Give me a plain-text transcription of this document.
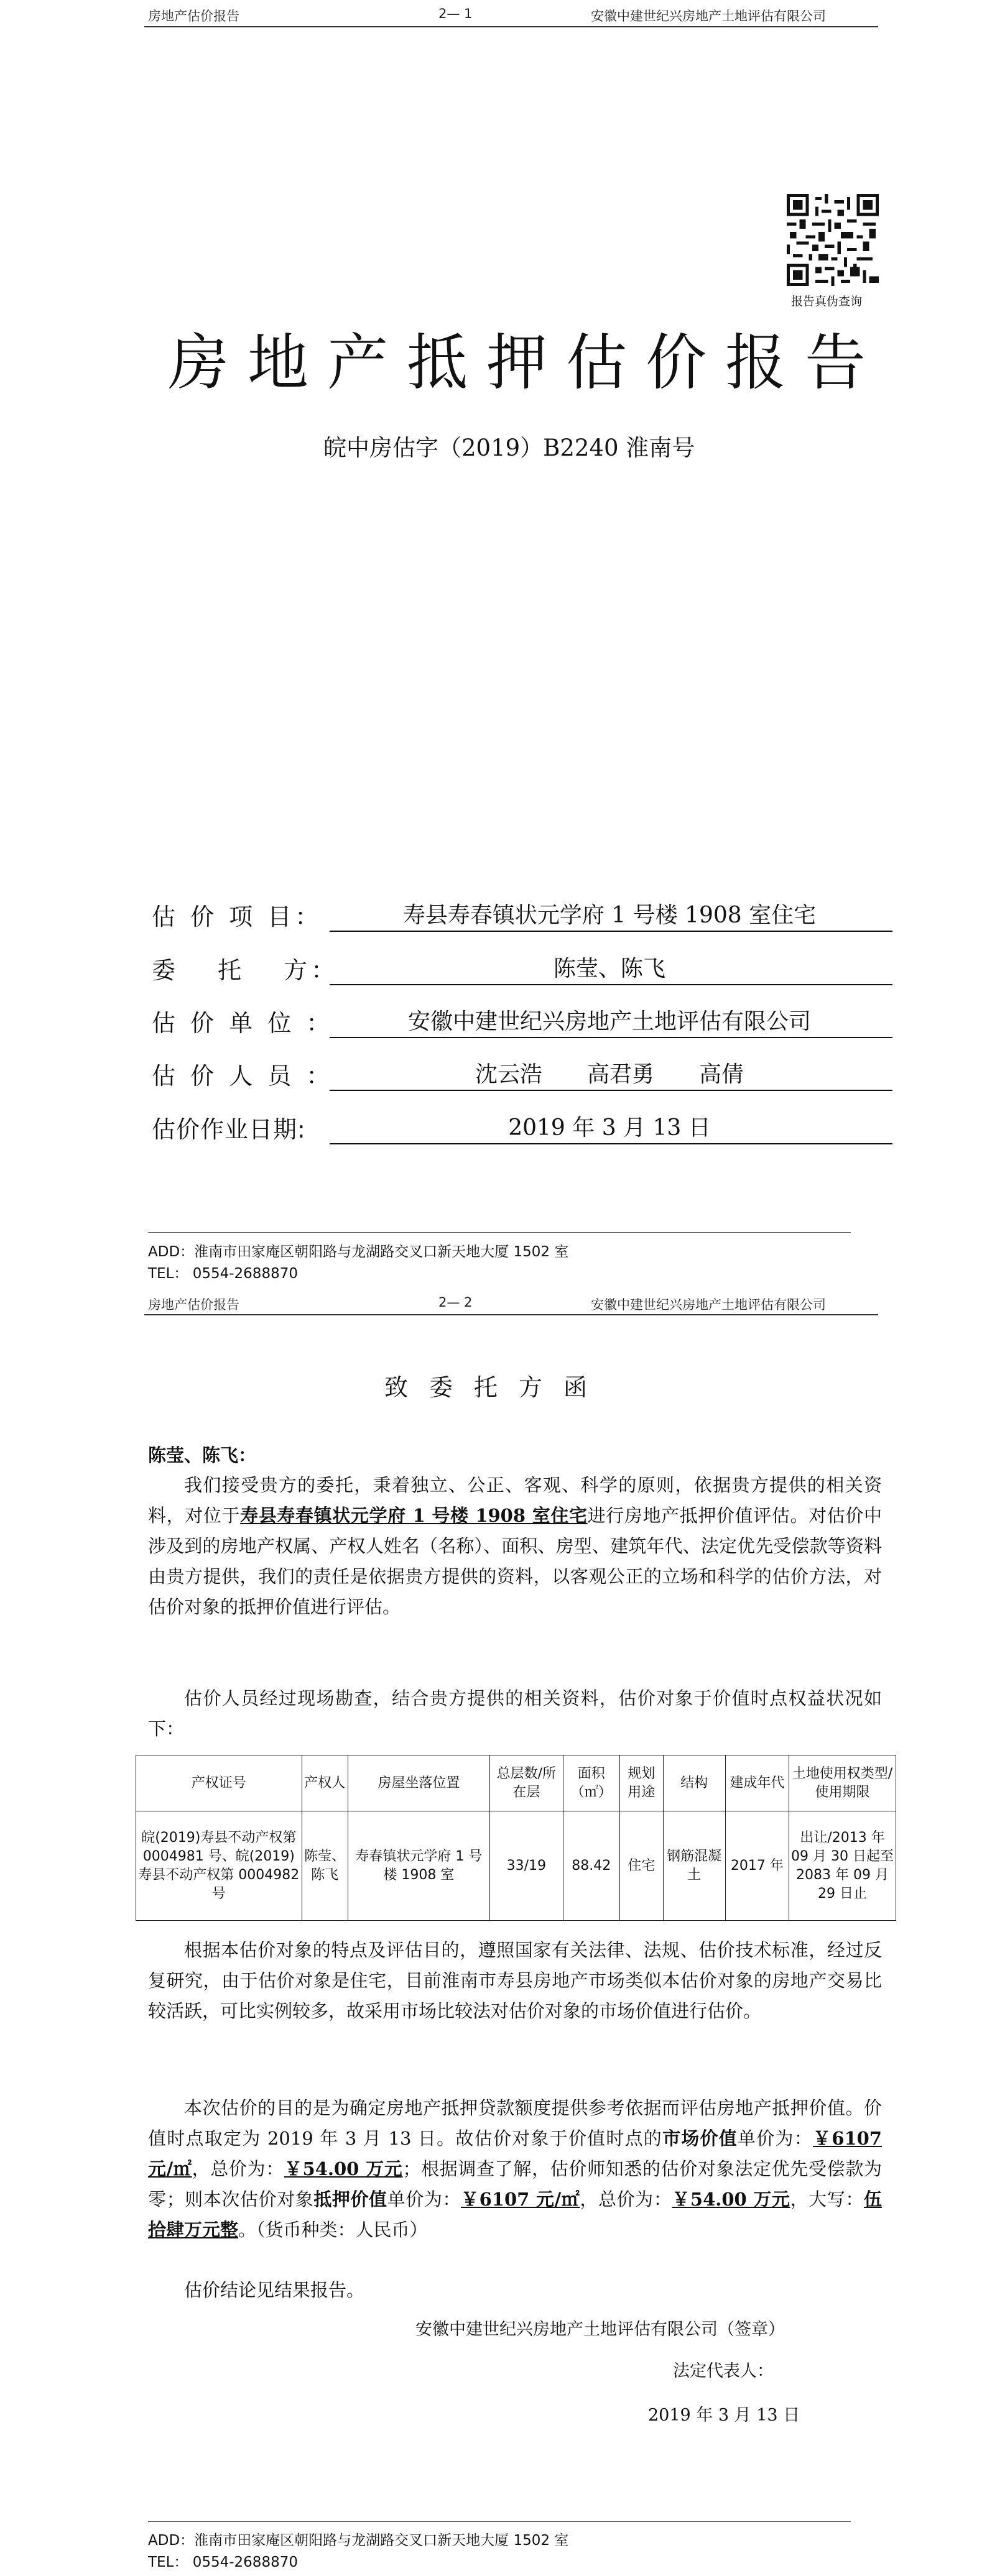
房地产估价报告	2— 1	安徽中建世纪兴房地产土地评估有限公司
报告真伪查询
房地产抵押估价报告
皖中房估字（2019）B2240 淮南号
估 价 项 目：	寿县寿春镇状元学府 1 号楼 1908 室住宅
委　 托　 方：	陈莹、陈飞
估 价 单 位 ：	安徽中建世纪兴房地产土地评估有限公司
估 价 人 员 ：	沈云浩　　高君勇　　高倩
估价作业日期:	2019 年 3 月 13 日
ADD：淮南市田家庵区朝阳路与龙湖路交叉口新天地大厦 1502 室
TEL： 0554-2688870
房地产估价报告	2— 2	安徽中建世纪兴房地产土地评估有限公司
致委托方函
陈莹、陈飞：
我们接受贵方的委托，秉着独立、公正、客观、科学的原则，依据贵方提供的相关资料，对位于寿县寿春镇状元学府 1 号楼 1908 室住宅进行房地产抵押价值评估。对估价中涉及到的房地产权属、产权人姓名（名称）、面积、房型、建筑年代、法定优先受偿款等资料由贵方提供，我们的责任是依据贵方提供的资料，以客观公正的立场和科学的估价方法，对估价对象的抵押价值进行评估。
估价人员经过现场勘查，结合贵方提供的相关资料，估价对象于价值时点权益状况如下：
产权证号	产权人	房屋坐落位置	总层数/所在层	面积（㎡）	规划用途	结构	建成年代	土地使用权类型/使用期限
皖(2019)寿县不动产权第 0004981 号、皖(2019)寿县不动产权第 0004982 号	陈莹、陈飞	寿春镇状元学府 1 号楼 1908 室	33/19	88.42	住宅	钢筋混凝土	2017 年	出让/2013 年 09 月 30 日起至 2083 年 09 月 29 日止
根据本估价对象的特点及评估目的，遵照国家有关法律、法规、估价技术标准，经过反复研究，由于估价对象是住宅，目前淮南市寿县房地产市场类似本估价对象的房地产交易比较活跃，可比实例较多，故采用市场比较法对估价对象的市场价值进行估价。
本次估价的目的是为确定房地产抵押贷款额度提供参考依据而评估房地产抵押价值。价值时点取定为 2019 年 3 月 13 日。故估价对象于价值时点的市场价值单价为：￥6107 元/㎡，总价为：￥54.00 万元；根据调查了解，估价师知悉的估价对象法定优先受偿款为零；则本次估价对象抵押价值单价为：￥6107 元/㎡，总价为：￥54.00 万元，大写：伍拾肆万元整。（货币种类：人民币）
估价结论见结果报告。
安徽中建世纪兴房地产土地评估有限公司（签章）
法定代表人：
2019 年 3 月 13 日
ADD：淮南市田家庵区朝阳路与龙湖路交叉口新天地大厦 1502 室
TEL： 0554-2688870
